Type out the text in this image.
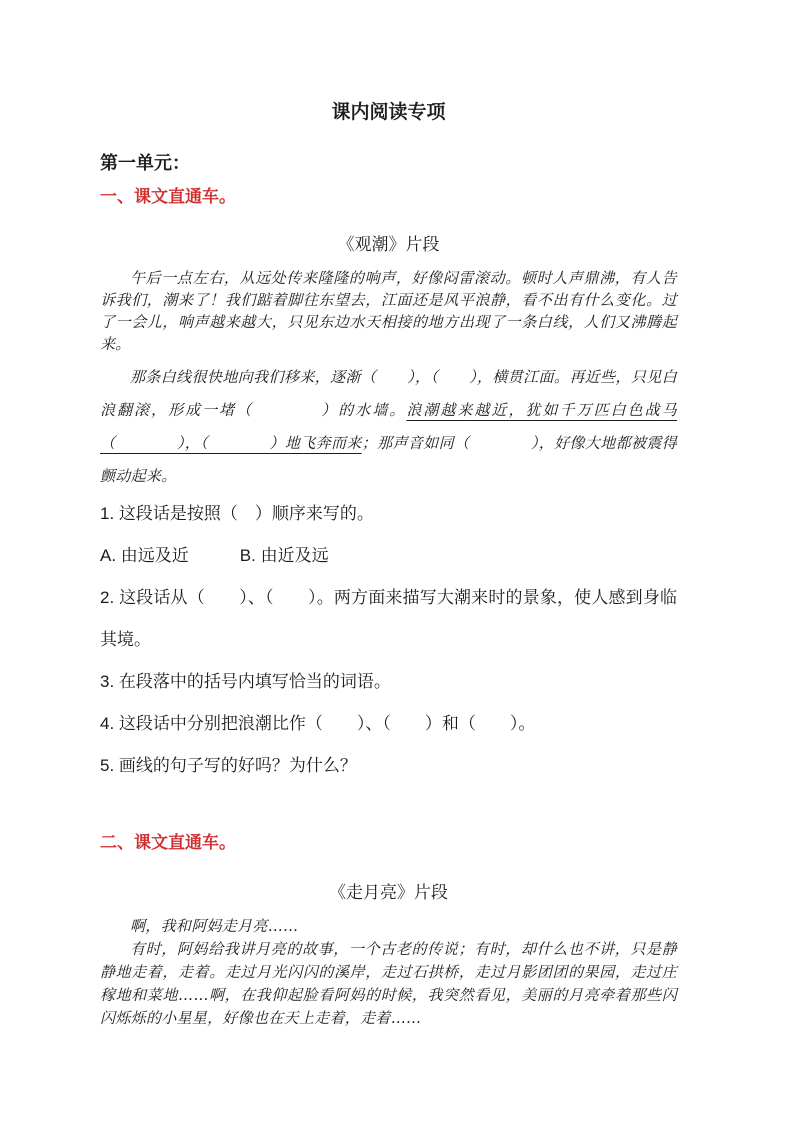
课内阅读专项
第一单元：
一、课文直通车。
《观潮》片段

午后一点左右，从远处传来隆隆的响声，好像闷雷滚动。顿时人声鼎沸，有人告诉我们，潮来了！我们踮着脚往东望去，江面还是风平浪静，看不出有什么变化。过了一会儿，响声越来越大，只见东边水天相接的地方出现了一条白线，人们又沸腾起来。

那条白线很快地向我们移来，逐渐（　　），（　　），横贯江面。再近些，只见白浪翻滚，形成一堵（　　　　）的水墙。浪潮越来越近，犹如千万匹白色战马（　　　　），（　　　　）地飞奔而来；那声音如同（　　　　），好像大地都被震得颤动起来。

1. 这段话是按照（　）顺序来写的。

A. 由远及近　　　B. 由近及远

2. 这段话从（　　）、（　　）。两方面来描写大潮来时的景象，使人感到身临其境。

3. 在段落中的括号内填写恰当的词语。

4. 这段话中分别把浪潮比作（　　）、（　　）和（　　）。

5. 画线的句子写的好吗？为什么？

二、课文直通车。
《走月亮》片段

啊，我和阿妈走月亮……

有时，阿妈给我讲月亮的故事，一个古老的传说；有时，却什么也不讲，只是静静地走着，走着。走过月光闪闪的溪岸，走过石拱桥，走过月影团团的果园，走过庄稼地和菜地……啊，在我仰起脸看阿妈的时候，我突然看见，美丽的月亮牵着那些闪闪烁烁的小星星，好像也在天上走着，走着……
